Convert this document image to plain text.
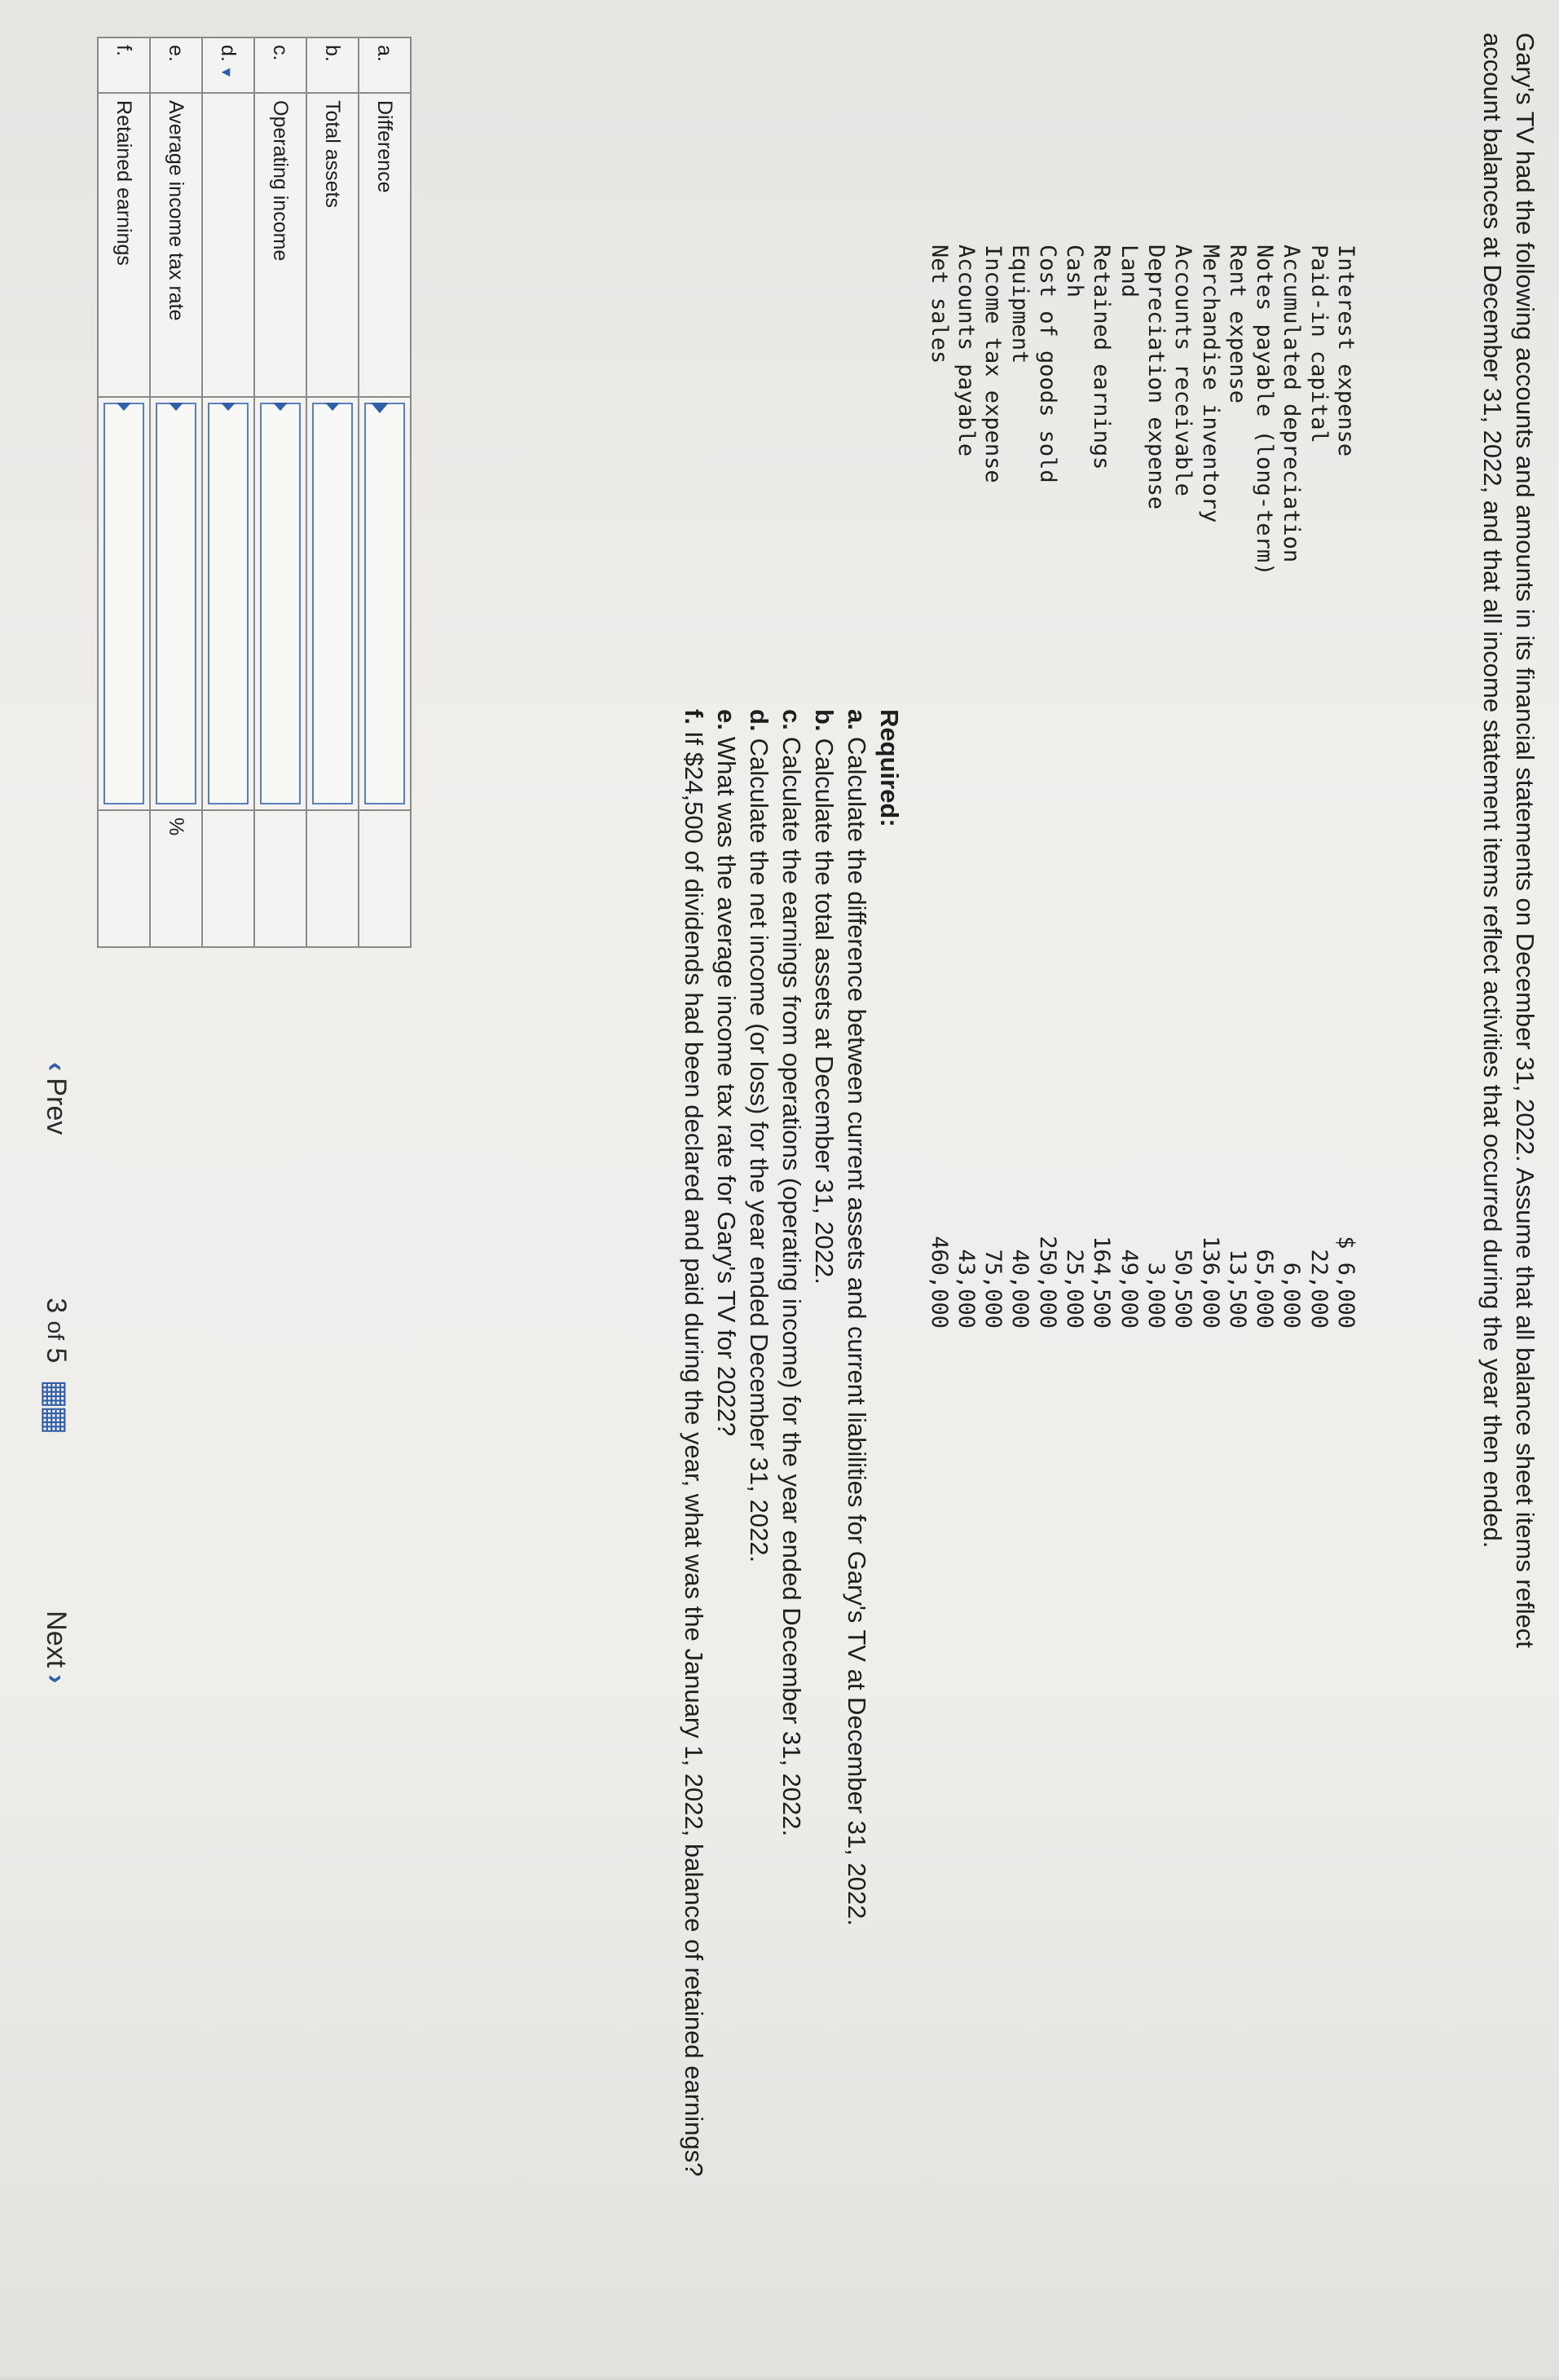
Gary's TV had the following accounts and amounts in its financial statements on December 31, 2022. Assume that all balance sheet items reflect account balances at December 31, 2022, and that all income statement items reflect activities that occurred during the year then ended.

Interest expense
$ 6,000
Paid-in capital
22,000
Accumulated depreciation
6,000
Notes payable (long-term)
65,000
Rent expense
13,500
Merchandise inventory
136,000
Accounts receivable
50,500
Depreciation expense
3,000
Land
49,000
Retained earnings
164,500
Cash
25,000
Cost of goods sold
250,000
Equipment
40,000
Income tax expense
75,000
Accounts payable
43,000
Net sales
460,000
Required:
a.Calculate the difference between current assets and current liabilities for Gary's TV at December 31, 2022.
b.Calculate the total assets at December 31, 2022.
c.Calculate the earnings from operations (operating income) for the year ended December 31, 2022.
d.Calculate the net income (or loss) for the year ended December 31, 2022.
e.What was the average income tax rate for Gary's TV for 2022?
f.If $24,500 of dividends had been declared and paid during the year, what was the January 1, 2022, balance of retained earnings?
a.	Difference	

b.	Total assets	

c.	Operating income	

d.▼		

e.	Average income tax rate		%
f.	Retained earnings	

‹Prev
3

of

5
▦▦
Next›
